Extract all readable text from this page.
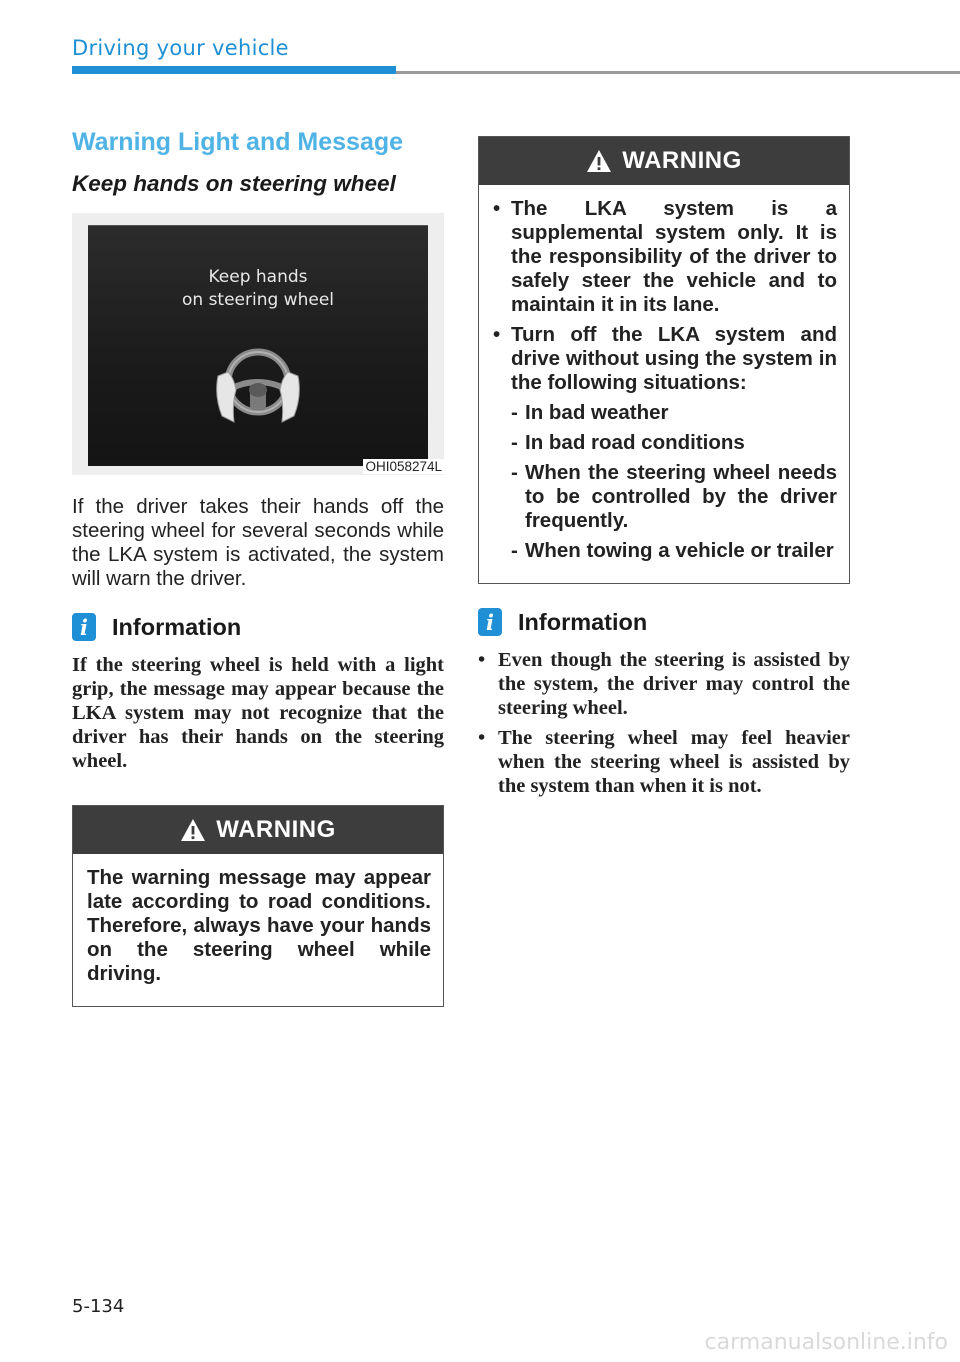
Driving your vehicle
Warning Light and Message
Keep hands on steering wheel
Keep hands
on steering wheel
OHI058274L

If the driver takes their hands off the steering wheel for several seconds while the LKA system is activated, the system will warn the driver.

i	Information

If the steering wheel is held with a light grip, the message may appear because the LKA system may not recognize that the driver has their hands on the steering wheel.

WARNING
The warning message may appear late according to road conditions. Therefore, always have your hands on the steering wheel while driving.
WARNING
• The LKA system is a supplemental system only. It is the responsibility of the driver to safely steer the vehicle and to maintain it in its lane.
• Turn off the LKA system and drive without using the system in the following situations:
- In bad weather
- In bad road conditions
- When the steering wheel needs to be controlled by the driver frequently.
- When towing a vehicle or trailer
i	Information
• Even though the steering is assisted by the system, the driver may control the steering wheel.
• The steering wheel may feel heavier when the steering wheel is assisted by the system than when it is not.
5-134
carmanualsonline.info
